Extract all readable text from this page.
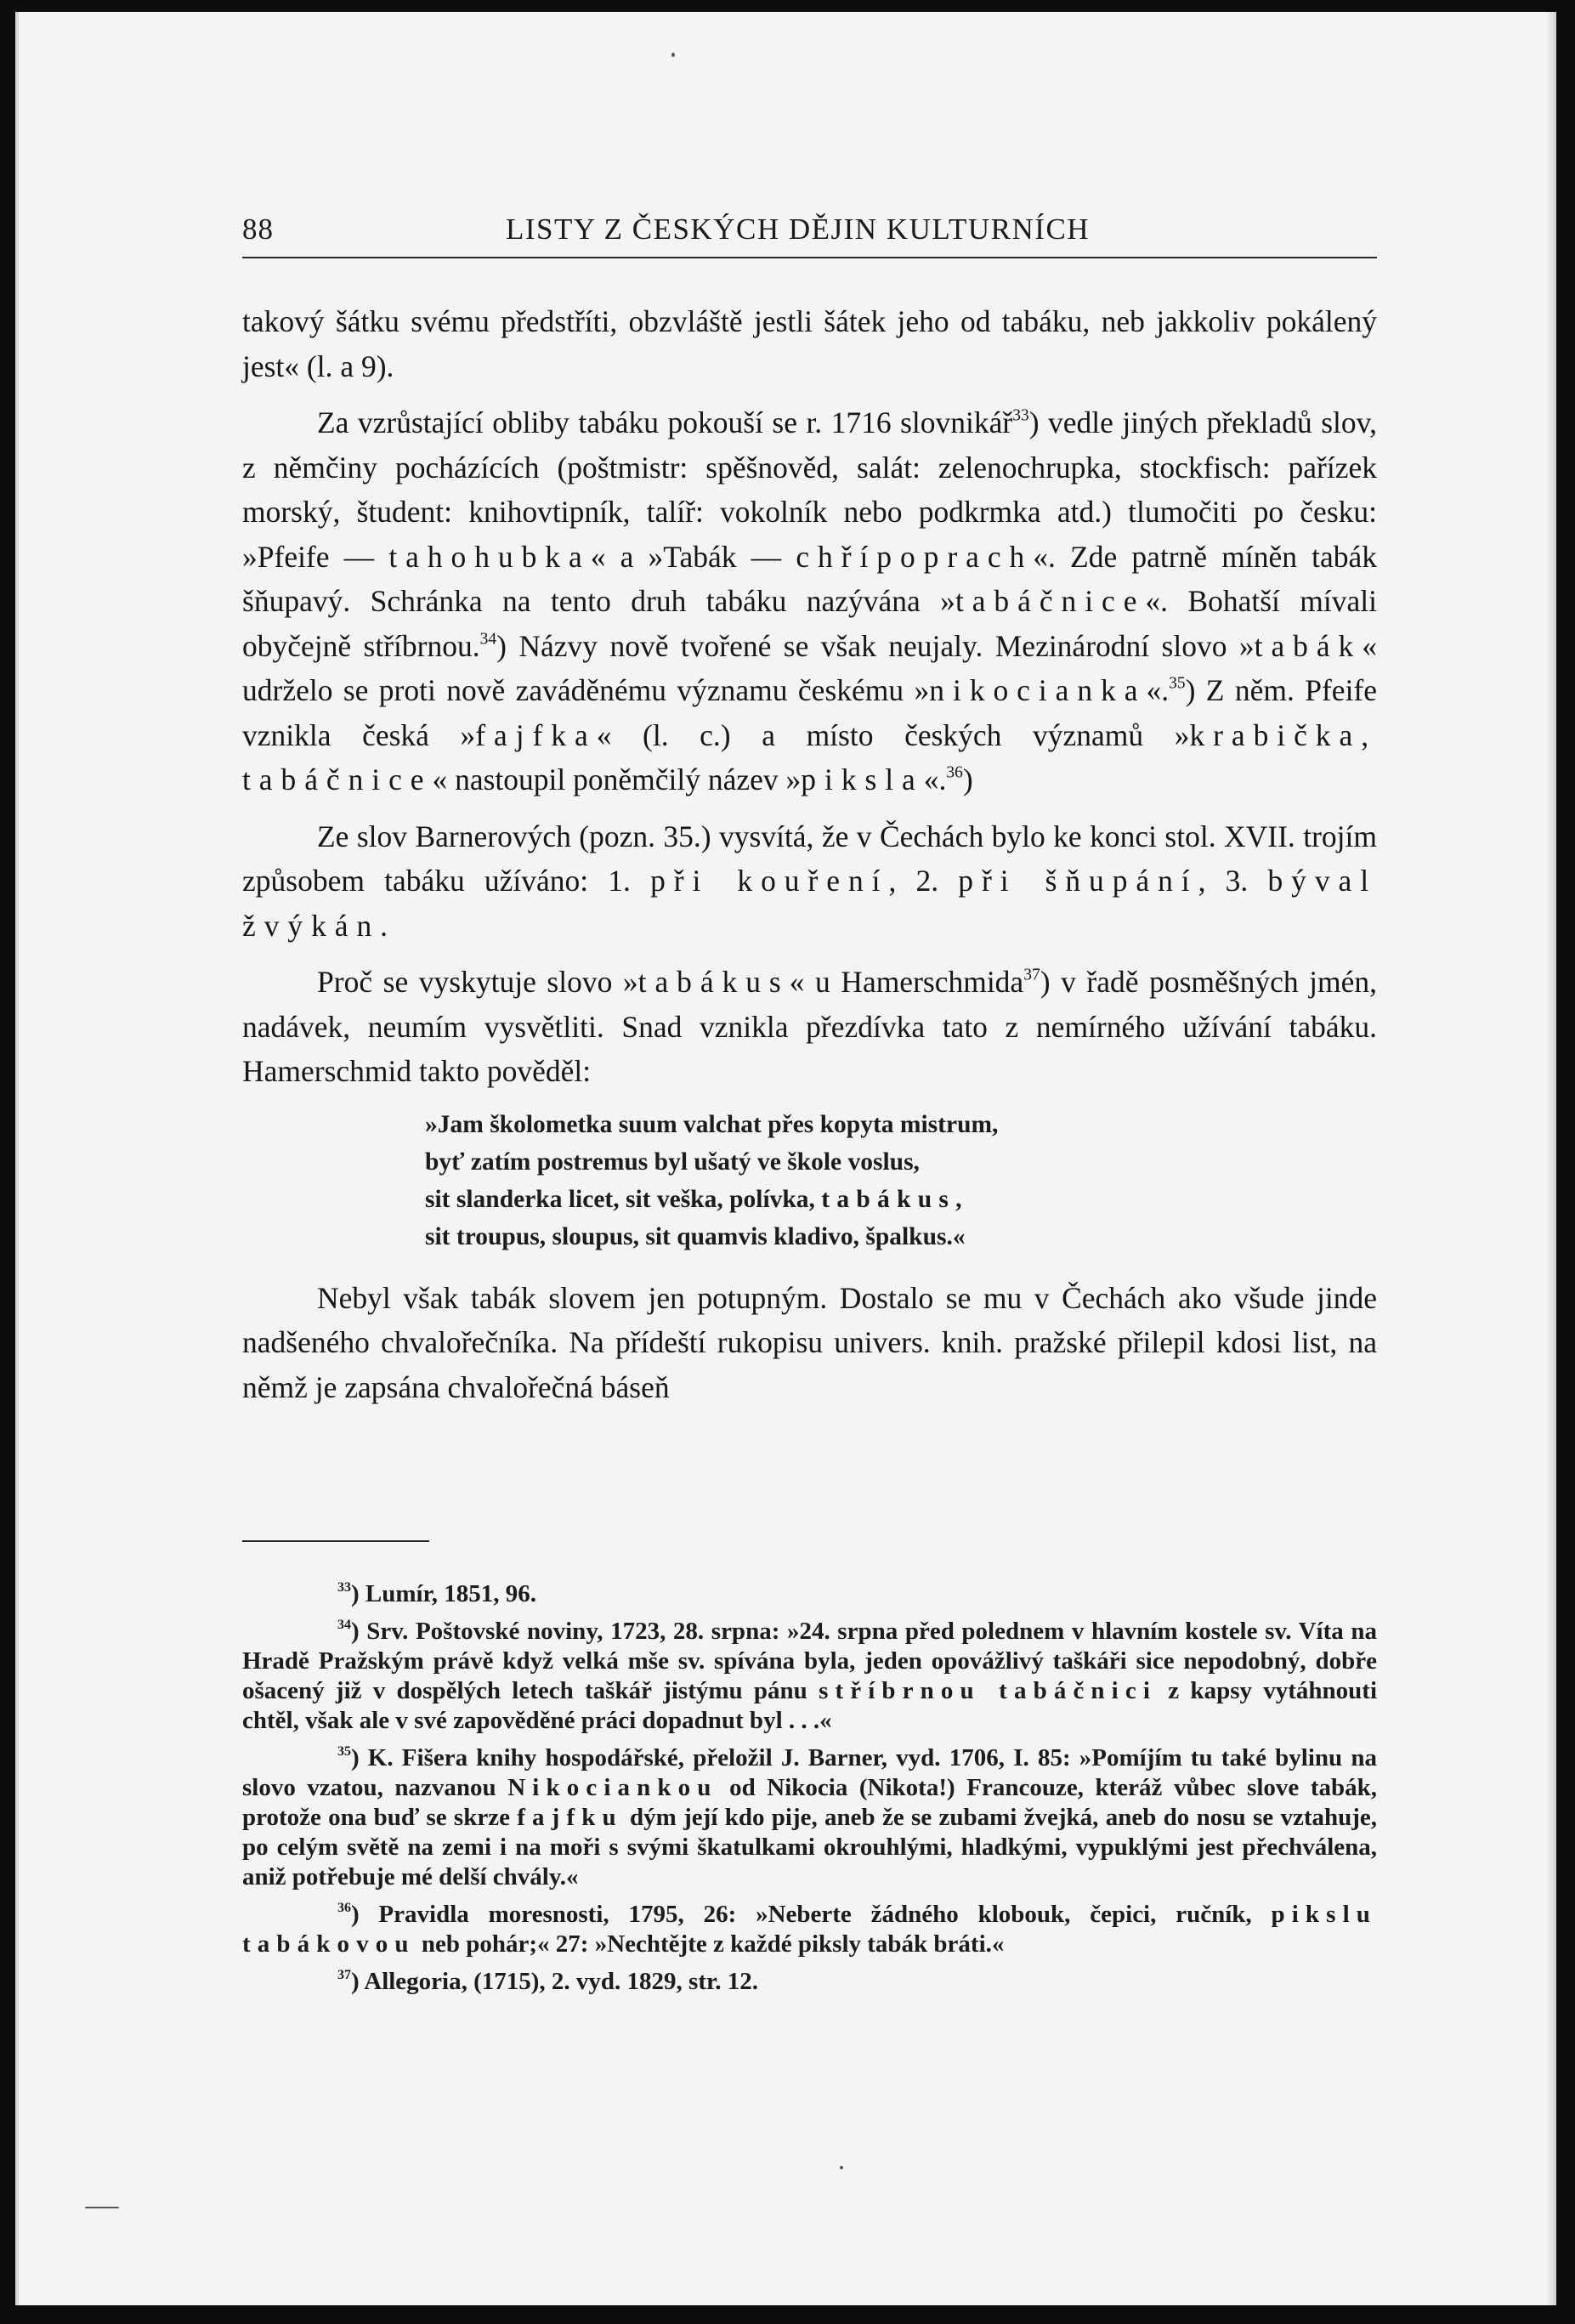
88	LISTY Z ČESKÝCH DĚJIN KULTURNÍCH

takový šátku svému předstříti, obzvláště jestli šátek jeho od tabáku, neb jakkoliv pokálený jest« (l. a 9).

Za vzrůstající obliby tabáku pokouší se r. 1716 slovnikář$^{33}$) vedle jiných překladů slov, z němčiny pocházících (poštmistr: spěšnověd, salát: zelenochrupka, stockfisch: pařízek morský, študent: knihovtipník, talíř: vokolník nebo podkrmka atd.) tlumočiti po česku: »Pfeife — tahohubka« a »Tabák — chřípoprach«. Zde patrně míněn tabák šňupavý. Schránka na tento druh tabáku nazývána »tabáčnice«. Bohatší mívali obyčejně stříbrnou.$^{34}$) Názvy nově tvořené se však neujaly. Mezinárodní slovo »tabák« udrželo se proti nově zaváděnému významu českému »nikocianka«.$^{35}$) Z něm. Pfeife vznikla česká »fajfka« (l. c.) a místo českých významů »krabička, tabáčnice« nastoupil poněmčilý název »piksla«.$^{36}$)

Ze slov Barnerových (pozn. 35.) vysvítá, že v Čechách bylo ke konci stol. XVII. trojím způsobem tabáku užíváno: 1. při kouření, 2. při šňupání, 3. býval žvýkán.

Proč se vyskytuje slovo »tabákus« u Hamerschmida$^{37}$) v řadě posměšných jmén, nadávek, neumím vysvětliti. Snad vznikla přezdívka tato z nemírného užívání tabáku. Hamerschmid takto pověděl:

»Jam školometka suum valchat přes kopyta mistrum,
byť zatím postremus byl ušatý ve škole voslus,
sit slanderka licet, sit veška, polívka, tabákus,
sit troupus, sloupus, sit quamvis kladivo, špalkus.«

Nebyl však tabák slovem jen potupným. Dostalo se mu v Čechách ako všude jinde nadšeného chvalořečníka. Na přídeští rukopisu univers. knih. pražské přilepil kdosi list, na němž je zapsána chvalořečná báseň

$^{33}$) Lumír, 1851, 96.

$^{34}$) Srv. Poštovské noviny, 1723, 28. srpna: »24. srpna před polednem v hlavním kostele sv. Víta na Hradě Pražským právě když velká mše sv. spívána byla, jeden opovážlivý taškáři sice nepodobný, dobře ošacený již v dospělých letech taškář jistýmu pánu stříbrnou tabáčnici z kapsy vytáhnouti chtěl, však ale v své zapověděné práci dopadnut byl . . .«

$^{35}$) K. Fišera knihy hospodářské, přeložil J. Barner, vyd. 1706, I. 85: »Pomíjím tu také bylinu na slovo vzatou, nazvanou Nikociankou od Nikocia (Nikota!) Francouze, kteráž vůbec slove tabák, protože ona buď se skrze fajfku dým její kdo pije, aneb že se zubami žvejká, aneb do nosu se vztahuje, po celým světě na zemi i na moři s svými škatulkami okrouhlými, hladkými, vypuklými jest přechválena, aniž potřebuje mé delší chvály.«

$^{36}$) Pravidla moresnosti, 1795, 26: »Neberte žádného klobouk, čepici, ručník, pikslu tabákovou neb pohár;« 27: »Nechtějte z každé piksly tabák bráti.«

$^{37}$) Allegoria, (1715), 2. vyd. 1829, str. 12.
